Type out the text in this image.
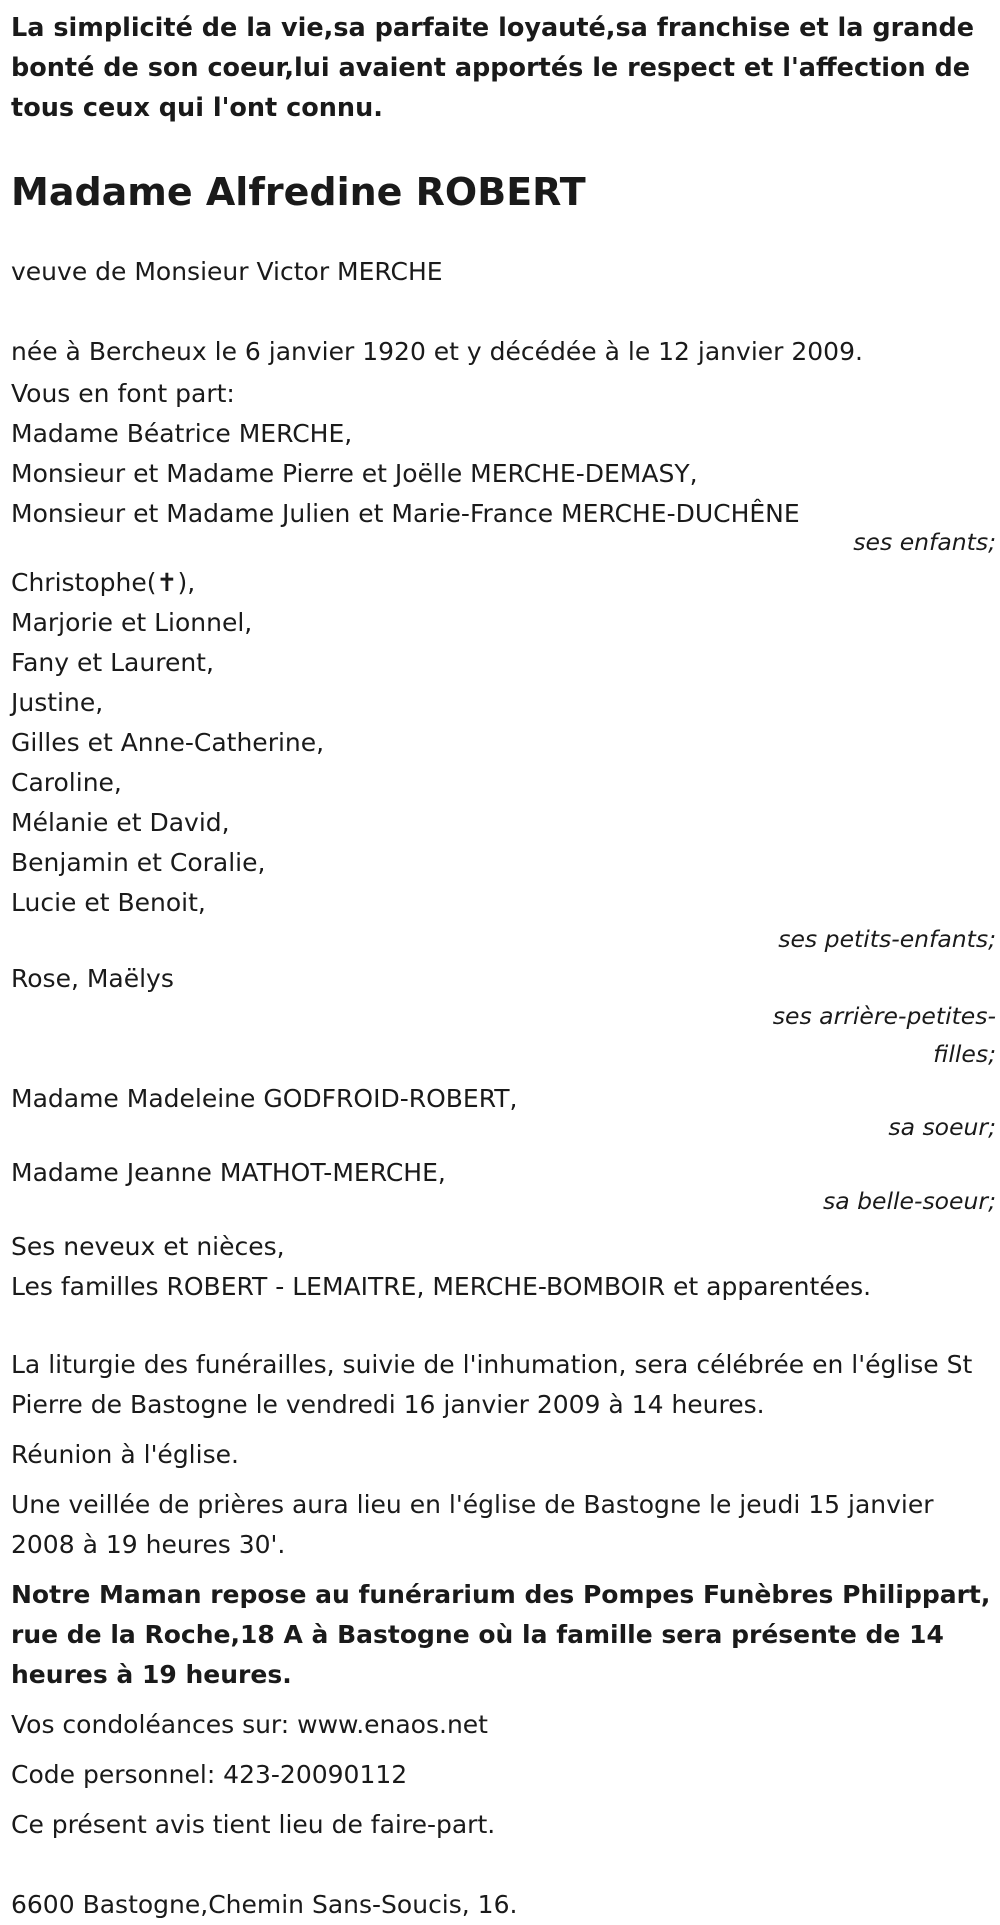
La simplicité de la vie,sa parfaite loyauté,sa franchise et la grande bonté de son coeur,lui avaient apportés le respect et l'affection de tous ceux qui l'ont connu.

Madame Alfredine ROBERT

veuve de Monsieur Victor MERCHE

née à Bercheux le 6 janvier 1920 et y décédée à le 12 janvier 2009.

Vous en font part:

Madame Béatrice MERCHE,

Monsieur et Madame Pierre et Joëlle MERCHE-DEMASY,

Monsieur et Madame Julien et Marie-France MERCHE-DUCHÊNE

ses enfants;

Christophe(✝),

Marjorie et Lionnel,

Fany et Laurent,

Justine,

Gilles et Anne-Catherine,

Caroline,

Mélanie et David,

Benjamin et Coralie,

Lucie et Benoit,

ses petits-enfants;

Rose, Maëlys

ses arrière-petites-filles;

Madame Madeleine GODFROID-ROBERT,

sa soeur;

Madame Jeanne MATHOT-MERCHE,

sa belle-soeur;

Ses neveux et nièces,

Les familles ROBERT - LEMAITRE, MERCHE-BOMBOIR et apparentées.

La liturgie des funérailles, suivie de l'inhumation, sera célébrée en l'église St Pierre de Bastogne le vendredi 16 janvier 2009 à 14 heures.

Réunion à l'église.

Une veillée de prières aura lieu en l'église de Bastogne le jeudi 15 janvier 2008 à 19 heures 30'.

Notre Maman repose au funérarium des Pompes Funèbres Philippart, rue de la Roche,18 A à Bastogne où la famille sera présente de 14 heures à 19 heures.

Vos condoléances sur: www.enaos.net

Code personnel: 423-20090112

Ce présent avis tient lieu de faire-part.

6600 Bastogne,Chemin Sans-Soucis, 16.
